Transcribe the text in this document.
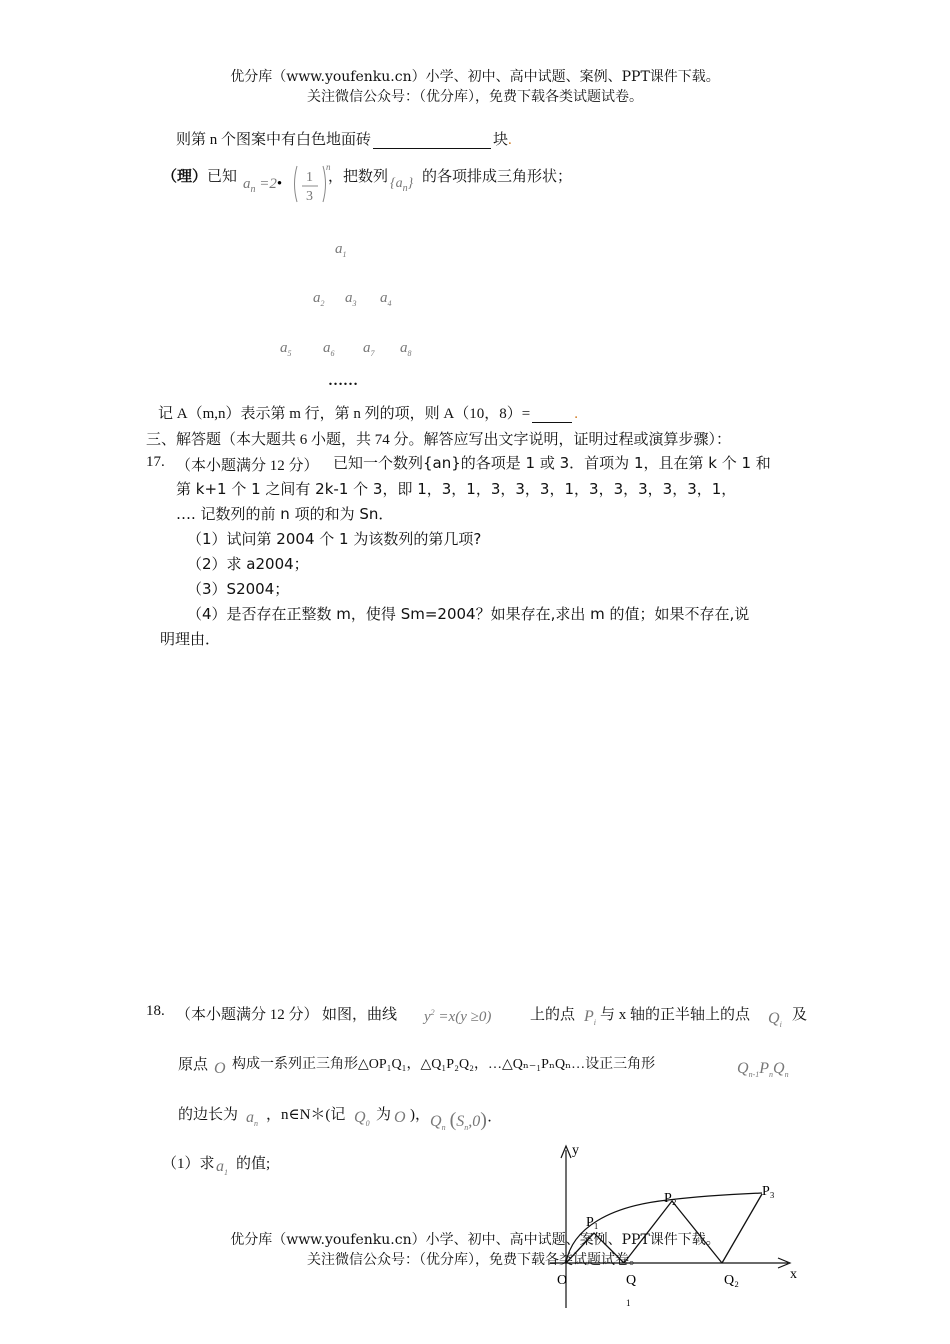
优分库（www.youfenku.cn）小学、初中、高中试题、案例、PPT课件下载。
关注微信公众号：（优分库），免费下载各类试题试卷。
则第 n 个图案中有白色地面砖	块.
（理）已知 $a_n$ =2• 1
3
n
，把数列 $\{a_n\}$ 的各项排成三角形状；
$a_1$
$a_2$ $a_3$ $a_4$
$a_5$ $a_6$ $a_7$ $a_8$
……
记 A（m,n）表示第 m 行，第 n 列的项，则 A（10，8）=	.
三、解答题（本大题共 6 小题，共 74 分。解答应写出文字说明，证明过程或演算步骤）：
17. （本小题满分 12 分） 已知一个数列{an}的各项是 1 或 3．首项为 1，且在第 k 个 1 和
第 k+1 个 1 之间有 2k-1 个 3，即 1，3，1，3，3，3，1，3，3，3，3，3，1，
…. 记数列的前 n 项的和为 Sn．
（1）试问第 2004 个 1 为该数列的第几项?
（2）求 a2004；
（3）S2004；
（4）是否存在正整数 m，使得 Sm=2004？如果存在,求出 m 的值；如果不存在,说
明理由．
18. （本小题满分 12 分） 如图，曲线 $y^2 =x(y \ge 0)$	上的点 $P_i$ 与 x 轴的正半轴上的点 $Q_i$
及
原点 O 构成一系列正三角形△OP₁Q₁，△Q₁P₂Q₂，…△Qₙ₋₁PₙQₙ…设正三角形	$Q_{n-1}P_nQ_n$
的边长为 $a_n$
，n∈N＊(记 $Q_0$
为 O )， $Q_n$ $(S_n,0)\cdot$
（1）求 $a_1$
的值;
y
x
O	Q	Q₂
P₁
P₂	P₃
1
优分库（www.youfenku.cn）小学、初中、高中试题、案例、PPT课件下载。
关注微信公众号：（优分库），免费下载各类试题试卷。
